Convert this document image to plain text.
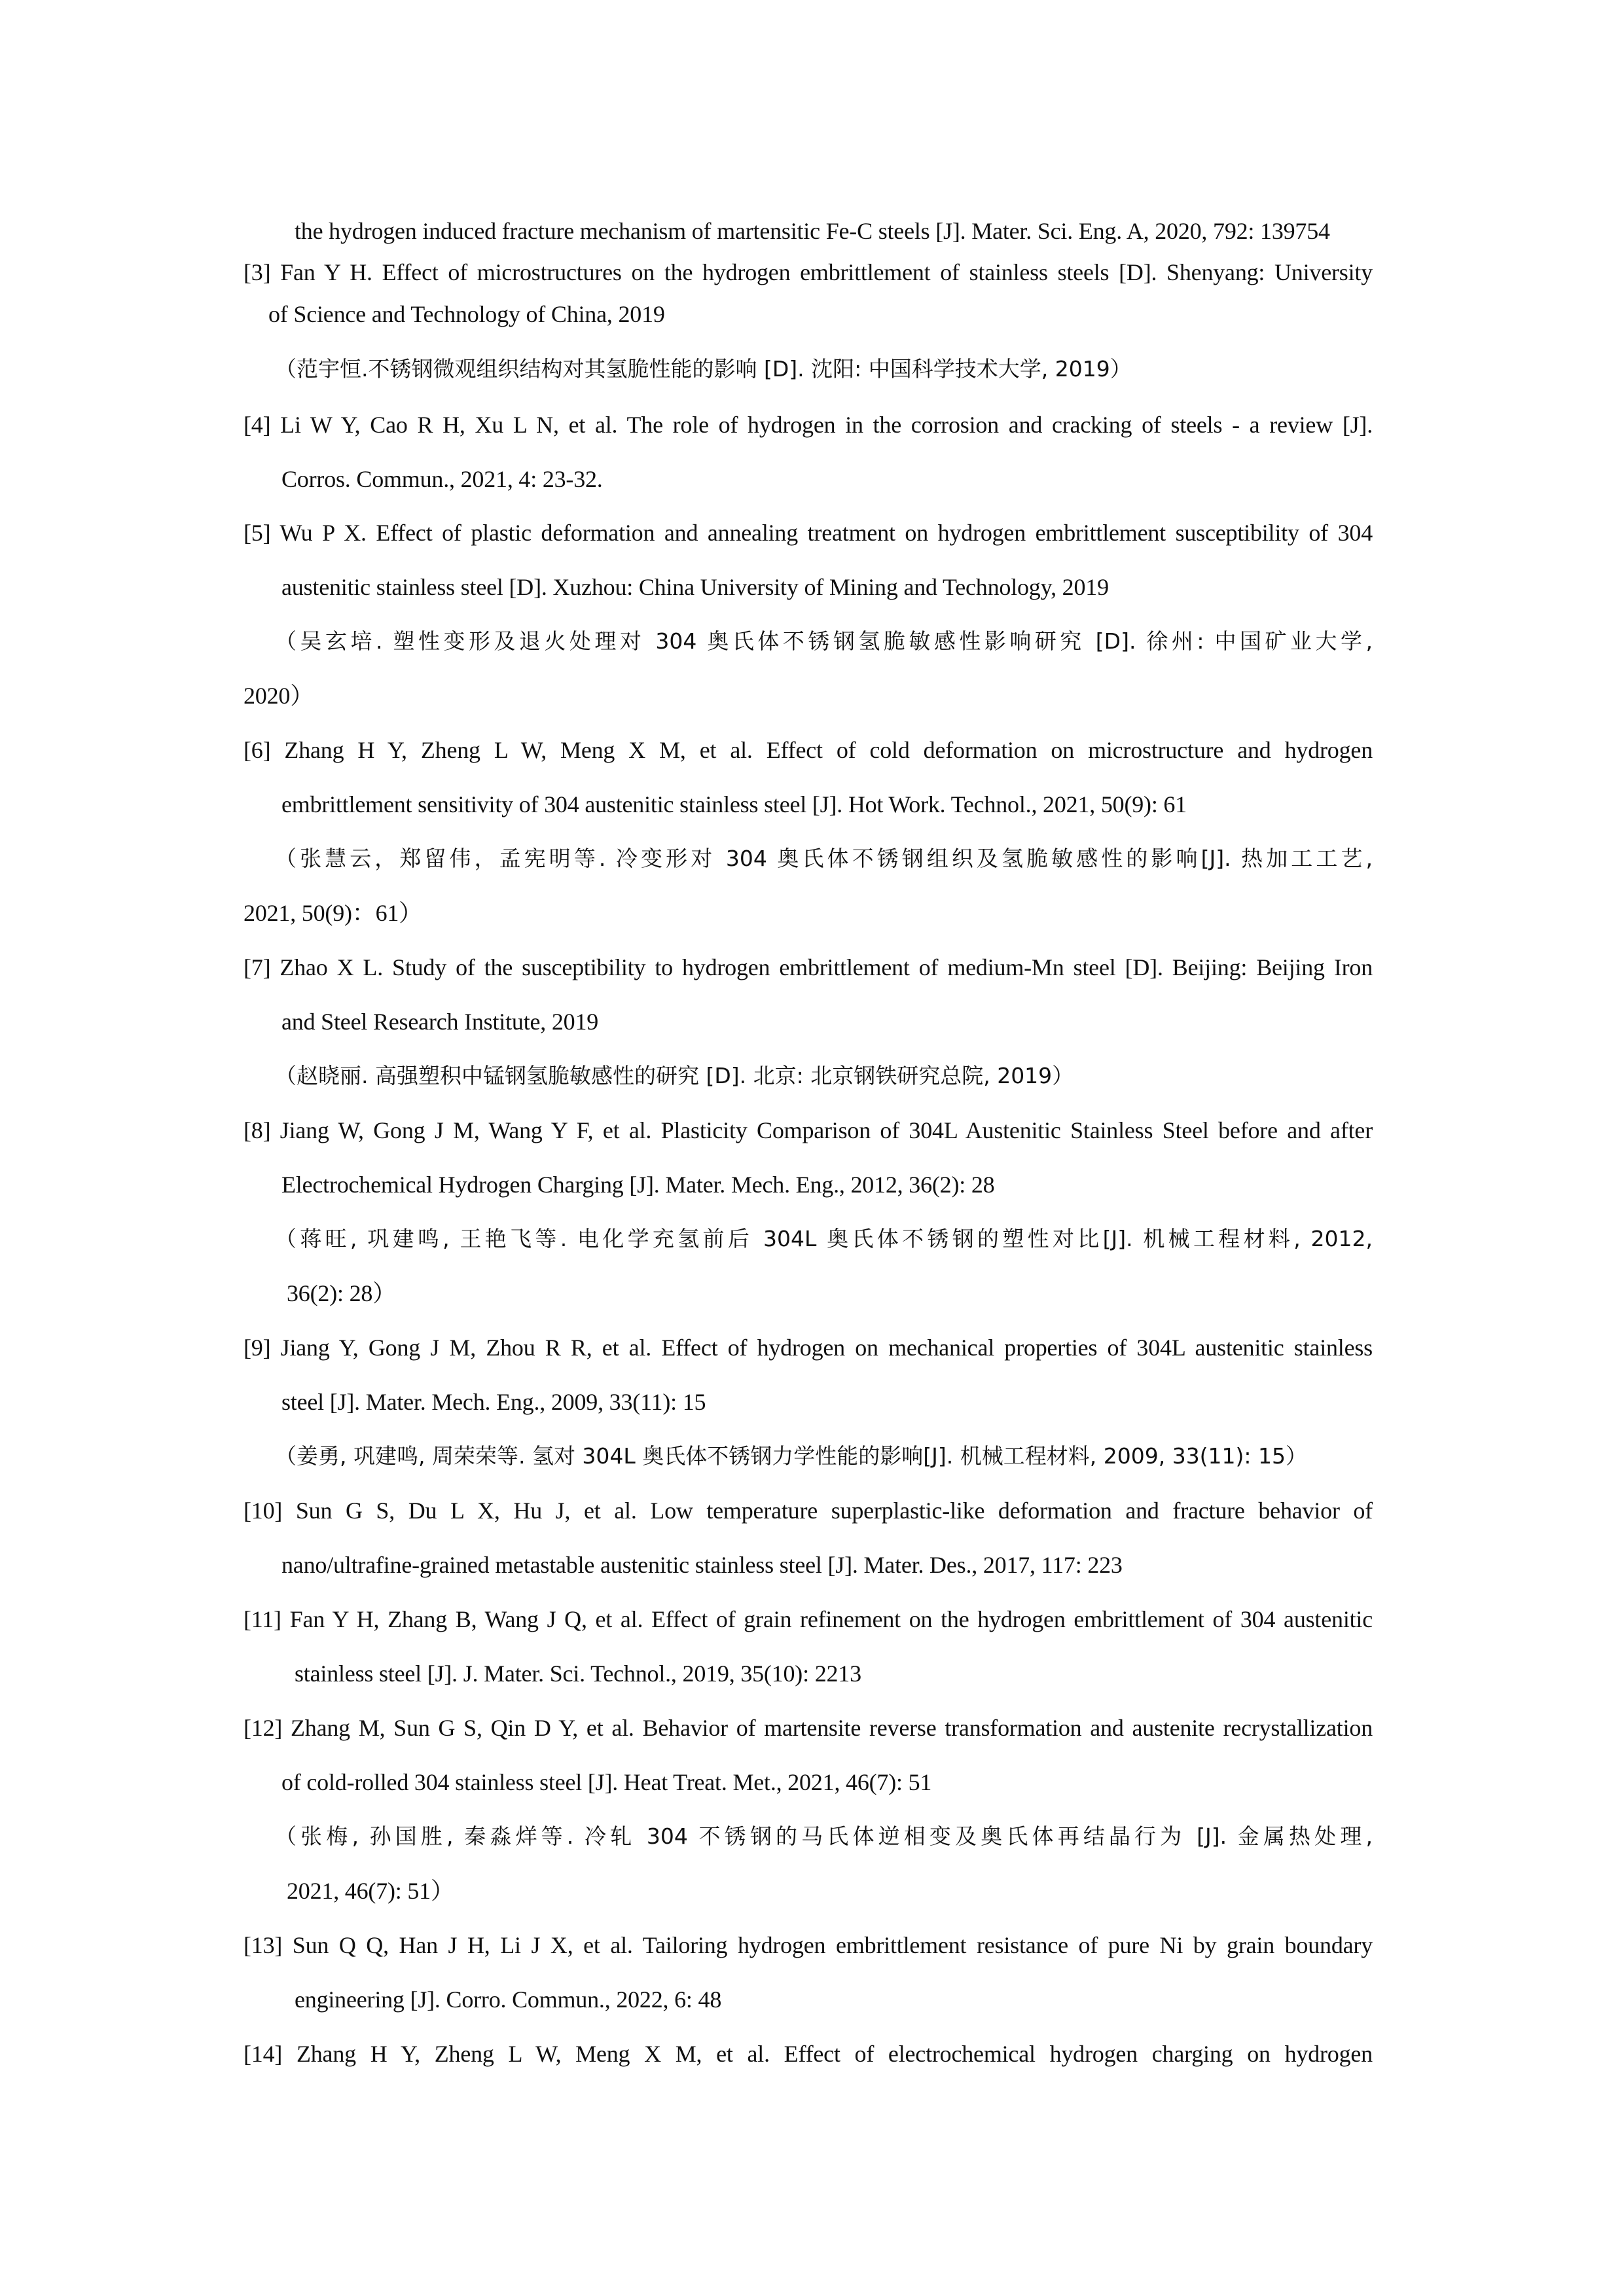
the hydrogen induced fracture mechanism of martensitic Fe-C steels [J]. Mater. Sci. Eng. A, 2020, 792: 139754
[3] Fan Y H. Effect of microstructures on the hydrogen embrittlement of stainless steels [D]. Shenyang: University
of Science and Technology of China, 2019
（范宇恒.不锈钢微观组织结构对其氢脆性能的影响 [D]. 沈阳: 中国科学技术大学, 2019）
[4] Li W Y, Cao R H, Xu L N, et al. The role of hydrogen in the corrosion and cracking of steels - a review [J].
Corros. Commun., 2021, 4: 23-32.
[5] Wu P X. Effect of plastic deformation and annealing treatment on hydrogen embrittlement susceptibility of 304
austenitic stainless steel [D]. Xuzhou: China University of Mining and Technology, 2019
（吴玄培. 塑性变形及退火处理对 304 奥氏体不锈钢氢脆敏感性影响研究 [D]. 徐州: 中国矿业大学,
2020）
[6] Zhang H Y, Zheng L W, Meng X M, et al. Effect of cold deformation on microstructure and hydrogen
embrittlement sensitivity of 304 austenitic stainless steel [J]. Hot Work. Technol., 2021, 50(9): 61
（张慧云，郑留伟，孟宪明等. 冷变形对 304 奥氏体不锈钢组织及氢脆敏感性的影响[J]. 热加工工艺,
2021, 50(9)：61）
[7] Zhao X L. Study of the susceptibility to hydrogen embrittlement of medium-Mn steel [D]. Beijing: Beijing Iron
and Steel Research Institute, 2019
（赵晓丽. 高强塑积中锰钢氢脆敏感性的研究 [D]. 北京: 北京钢铁研究总院, 2019）
[8] Jiang W, Gong J M, Wang Y F, et al. Plasticity Comparison of 304L Austenitic Stainless Steel before and after
Electrochemical Hydrogen Charging [J]. Mater. Mech. Eng., 2012, 36(2): 28
（蒋旺, 巩建鸣, 王艳飞等. 电化学充氢前后 304L 奥氏体不锈钢的塑性对比[J]. 机械工程材料, 2012,
36(2): 28）
[9] Jiang Y, Gong J M, Zhou R R, et al. Effect of hydrogen on mechanical properties of 304L austenitic stainless
steel [J]. Mater. Mech. Eng., 2009, 33(11): 15
（姜勇, 巩建鸣, 周荣荣等. 氢对 304L 奥氏体不锈钢力学性能的影响[J]. 机械工程材料, 2009, 33(11): 15）
[10] Sun G S, Du L X, Hu J, et al. Low temperature superplastic-like deformation and fracture behavior of
nano/ultrafine-grained metastable austenitic stainless steel [J]. Mater. Des., 2017, 117: 223
[11] Fan Y H, Zhang B, Wang J Q, et al. Effect of grain refinement on the hydrogen embrittlement of 304 austenitic
stainless steel [J]. J. Mater. Sci. Technol., 2019, 35(10): 2213
[12] Zhang M, Sun G S, Qin D Y, et al. Behavior of martensite reverse transformation and austenite recrystallization
of cold-rolled 304 stainless steel [J]. Heat Treat. Met., 2021, 46(7): 51
（张梅, 孙国胜, 秦淼烊等. 冷轧 304 不锈钢的马氏体逆相变及奥氏体再结晶行为 [J]. 金属热处理,
2021, 46(7): 51）
[13] Sun Q Q, Han J H, Li J X, et al. Tailoring hydrogen embrittlement resistance of pure Ni by grain boundary
engineering [J]. Corro. Commun., 2022, 6: 48
[14] Zhang H Y, Zheng L W, Meng X M, et al. Effect of electrochemical hydrogen charging on hydrogen
